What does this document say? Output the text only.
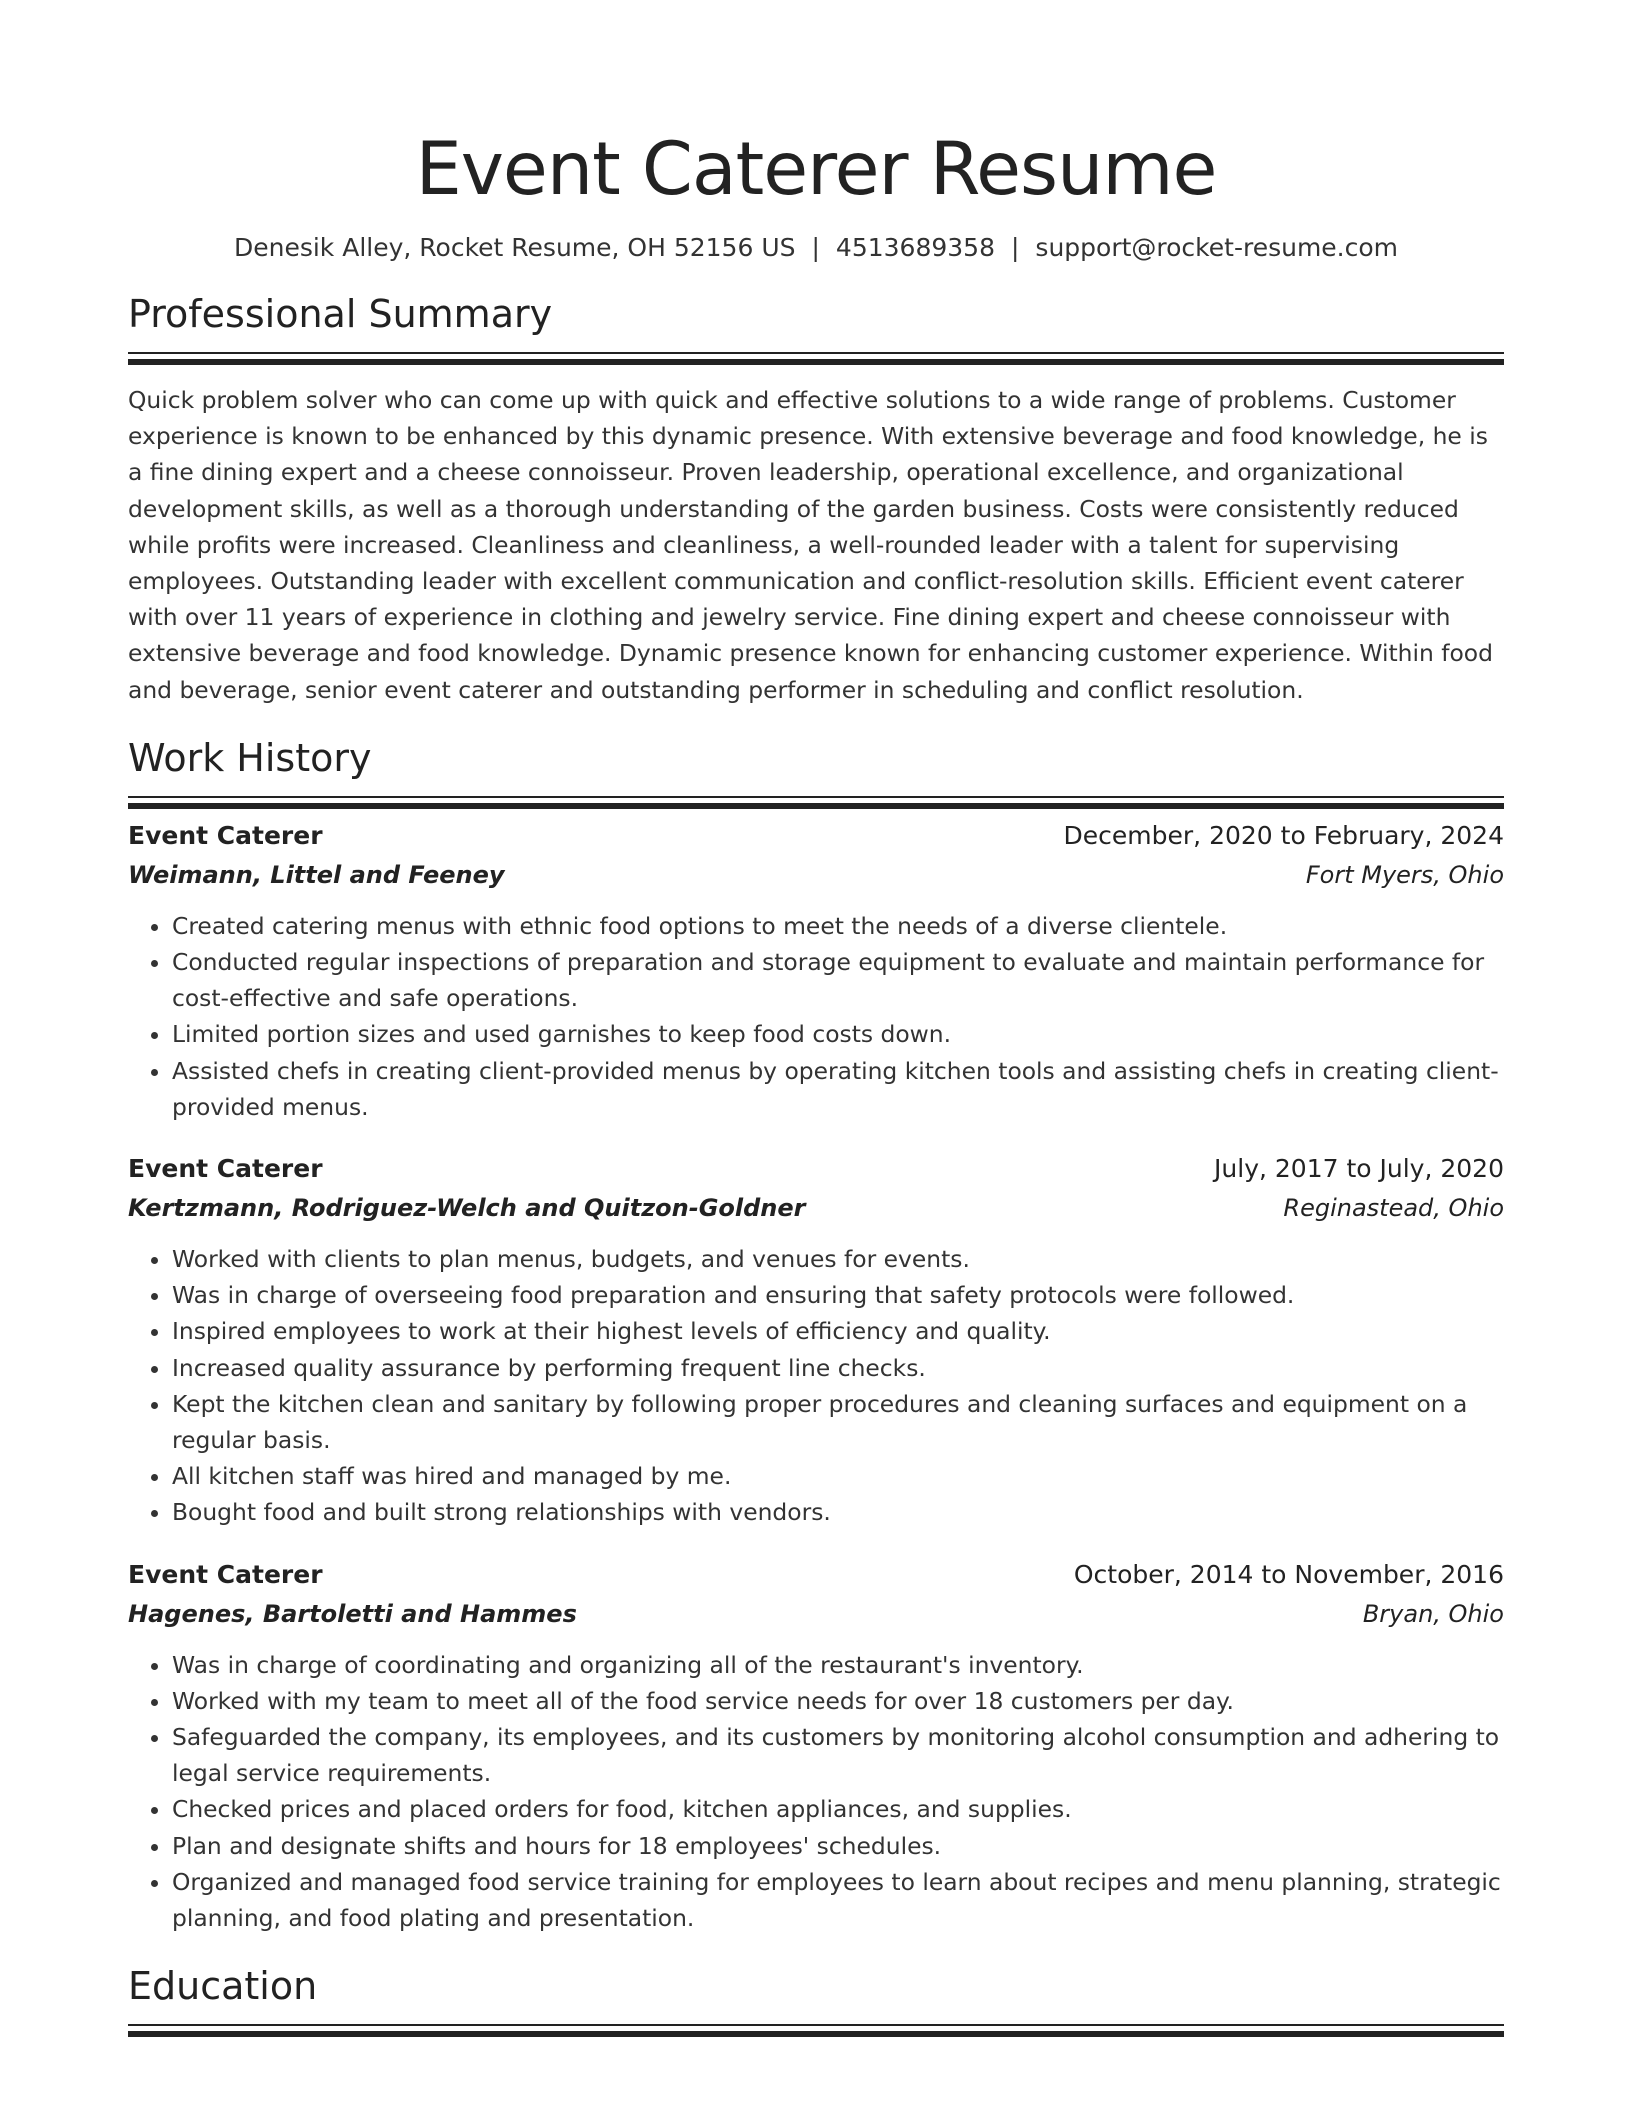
Event Caterer Resume
Denesik Alley, Rocket Resume, OH 52156 US | 4513689358 | support@rocket-resume.com
Professional Summary

Quick problem solver who can come up with quick and effective solutions to a wide range of problems. Customer experience is known to be enhanced by this dynamic presence. With extensive beverage and food knowledge, he is a fine dining expert and a cheese connoisseur. Proven leadership, operational excellence, and organizational development skills, as well as a thorough understanding of the garden business. Costs were consistently reduced while profits were increased. Cleanliness and cleanliness, a well-rounded leader with a talent for supervising employees. Outstanding leader with excellent communication and conflict-resolution skills. Efficient event caterer with over 11 years of experience in clothing and jewelry service. Fine dining expert and cheese connoisseur with extensive beverage and food knowledge. Dynamic presence known for enhancing customer experience. Within food and beverage, senior event caterer and outstanding performer in scheduling and conflict resolution.

Work History
Event Caterer	December, 2020 to February, 2024
Weimann, Littel and Feeney	Fort Myers, Ohio
• Created catering menus with ethnic food options to meet the needs of a diverse clientele.
• Conducted regular inspections of preparation and storage equipment to evaluate and maintain performance for cost-effective and safe operations.
• Limited portion sizes and used garnishes to keep food costs down.
• Assisted chefs in creating client-provided menus by operating kitchen tools and assisting chefs in creating client-provided menus.
Event Caterer	July, 2017 to July, 2020
Kertzmann, Rodriguez-Welch and Quitzon-Goldner	Reginastead, Ohio
• Worked with clients to plan menus, budgets, and venues for events.
• Was in charge of overseeing food preparation and ensuring that safety protocols were followed.
• Inspired employees to work at their highest levels of efficiency and quality.
• Increased quality assurance by performing frequent line checks.
• Kept the kitchen clean and sanitary by following proper procedures and cleaning surfaces and equipment on a regular basis.
• All kitchen staff was hired and managed by me.
• Bought food and built strong relationships with vendors.
Event Caterer	October, 2014 to November, 2016
Hagenes, Bartoletti and Hammes	Bryan, Ohio
• Was in charge of coordinating and organizing all of the restaurant's inventory.
• Worked with my team to meet all of the food service needs for over 18 customers per day.
• Safeguarded the company, its employees, and its customers by monitoring alcohol consumption and adhering to legal service requirements.
• Checked prices and placed orders for food, kitchen appliances, and supplies.
• Plan and designate shifts and hours for 18 employees' schedules.
• Organized and managed food service training for employees to learn about recipes and menu planning, strategic planning, and food plating and presentation.
Education
